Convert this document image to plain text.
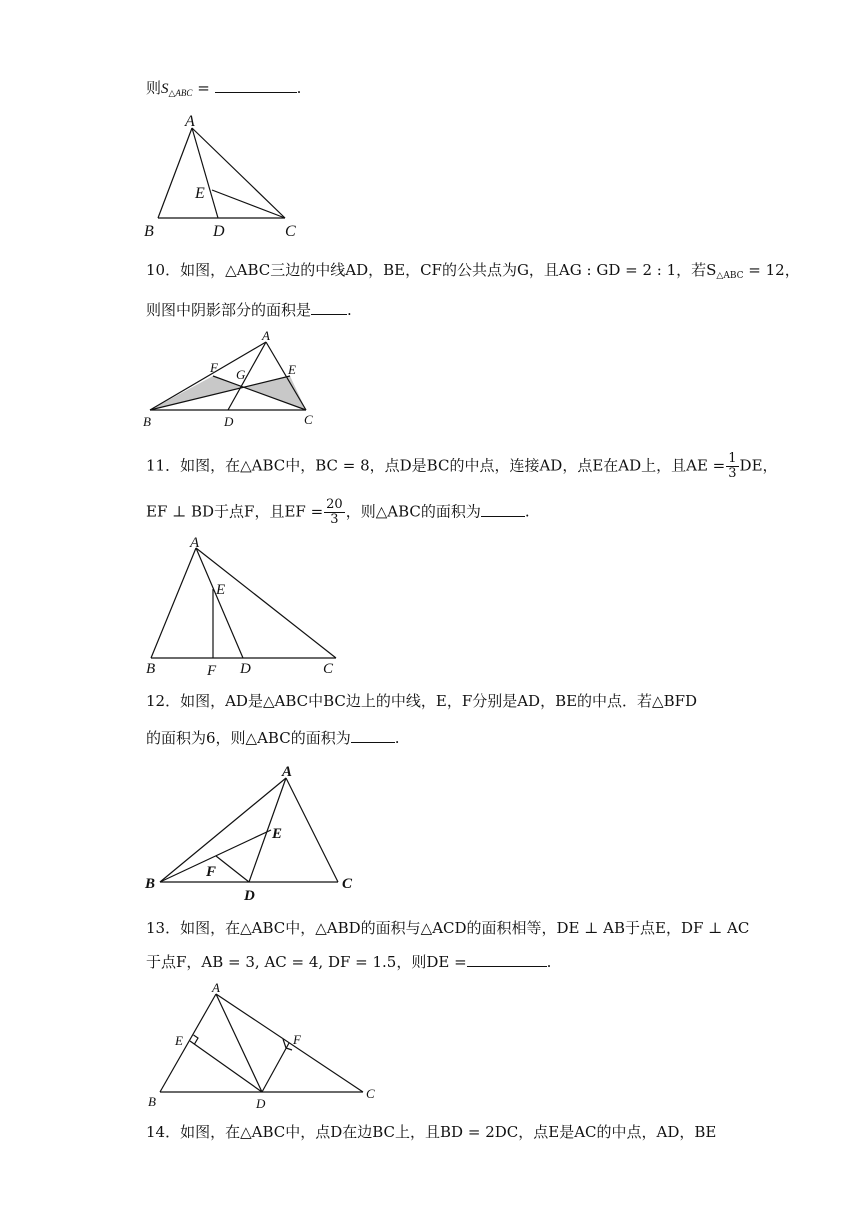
则$S_{\triangle ABC}$ =	.
A
B	D	C
E
10．如图，△ABC三边的中线AD，BE，CF的公共点为G，且AG : GD = 2 : 1，若$S_{\triangle ABC} = 12$，
则图中阴影部分的面积是 .
A
B	D	C
F	E
G
11．如图，在△ABC中，BC = 8，点D是BC的中点，连接AD，点E在AD上，且AE = $\frac{1}{3}$ DE，
EF ⊥ BD于点F，且EF = $\frac{20}{3}$ ，则△ABC的面积为	.
A
B	F D	C
E
12．如图，AD是△ABC中BC边上的中线，E，F分别是AD，BE的中点．若△BFD
的面积为6，则△ABC的面积为	.
A
B
D
C
E
F
13．如图，在△ABC中，△ABD的面积与△ACD的面积相等，DE ⊥ AB于点E，DF ⊥ AC
于点F，AB = 3, AC = 4, DF = 1.5，则DE =	.
A
B	D
C
E	F
14．如图，在△ABC中，点D在边BC上，且BD = 2DC，点E是AC的中点，AD，BE
